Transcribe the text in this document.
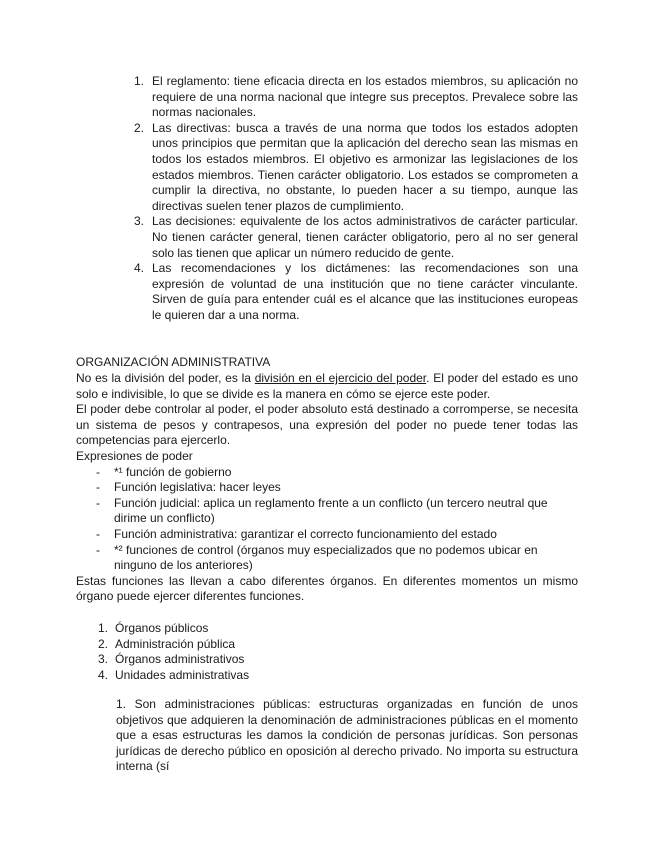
1. El reglamento: tiene eficacia directa en los estados miembros, su aplicación no requiere de una norma nacional que integre sus preceptos. Prevalece sobre las normas nacionales.
2. Las directivas: busca a través de una norma que todos los estados adopten unos principios que permitan que la aplicación del derecho sean las mismas en todos los estados miembros. El objetivo es armonizar las legislaciones de los estados miembros. Tienen carácter obligatorio. Los estados se comprometen a cumplir la directiva, no obstante, lo pueden hacer a su tiempo, aunque las directivas suelen tener plazos de cumplimiento.
3. Las decisiones: equivalente de los actos administrativos de carácter particular. No tienen carácter general, tienen carácter obligatorio, pero al no ser general solo las tienen que aplicar un número reducido de gente.
4. Las recomendaciones y los dictámenes: las recomendaciones son una expresión de voluntad de una institución que no tiene carácter vinculante. Sirven de guía para entender cuál es el alcance que las instituciones europeas le quieren dar a una norma.
ORGANIZACIÓN ADMINISTRATIVA

No es la división del poder, es la división en el ejercicio del poder. El poder del estado es uno solo e indivisible, lo que se divide es la manera en cómo se ejerce este poder.

El poder debe controlar al poder, el poder absoluto está destinado a corromperse, se necesita un sistema de pesos y contrapesos, una expresión del poder no puede tener todas las competencias para ejercerlo.

Expresiones de poder

- *¹ función de gobierno
- Función legislativa: hacer leyes
- Función judicial: aplica un reglamento frente a un conflicto (un tercero neutral que dirime un conflicto)
- Función administrativa: garantizar el correcto funcionamiento del estado
- *² funciones de control (órganos muy especializados que no podemos ubicar en ninguno de los anteriores)

Estas funciones las llevan a cabo diferentes órganos. En diferentes momentos un mismo órgano puede ejercer diferentes funciones.

1. Órganos públicos
2. Administración pública
3. Órganos administrativos
4. Unidades administrativas

1. Son administraciones públicas: estructuras organizadas en función de unos objetivos que adquieren la denominación de administraciones públicas en el momento que a esas estructuras les damos la condición de personas jurídicas. Son personas jurídicas de derecho público en oposición al derecho privado. No importa su estructura interna (sí
